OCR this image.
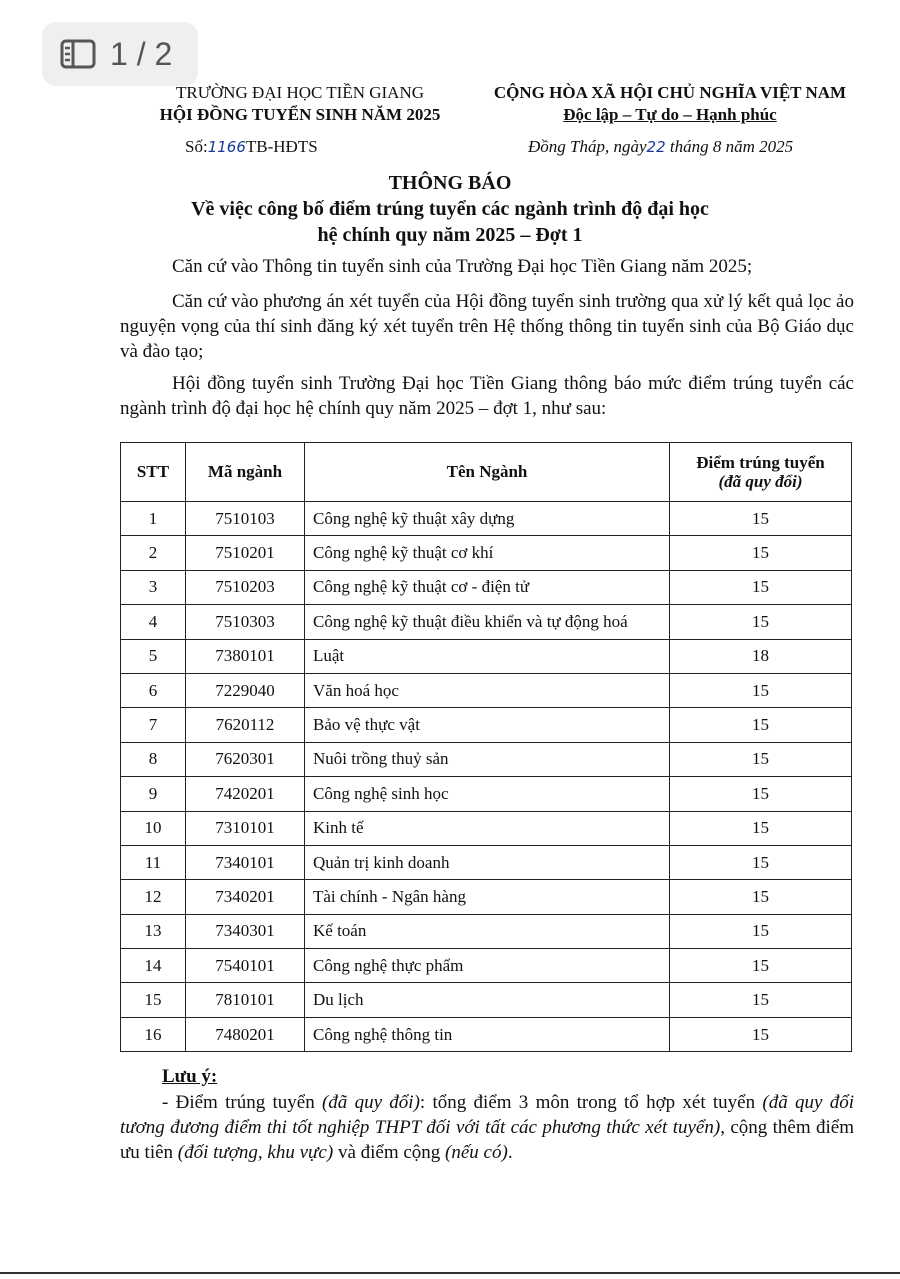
1 / 2
TRƯỜNG ĐẠI HỌC TIỀN GIANG
HỘI ĐỒNG TUYỂN SINH NĂM 2025
CỘNG HÒA XÃ HỘI CHỦ NGHĨA VIỆT NAM
Độc lập – Tự do – Hạnh phúc
Số:1166TB-HĐTS	Đồng Tháp, ngày22 tháng 8 năm 2025
THÔNG BÁO
Về việc công bố điểm trúng tuyển các ngành trình độ đại học
hệ chính quy năm 2025 – Đợt 1
Căn cứ vào Thông tin tuyển sinh của Trường Đại học Tiền Giang năm 2025;
Căn cứ vào phương án xét tuyển của Hội đồng tuyển sinh trường qua xử lý kết quả lọc ảo nguyện vọng của thí sinh đăng ký xét tuyển trên Hệ thống thông tin tuyển sinh của Bộ Giáo dục và đào tạo;
Hội đồng tuyển sinh Trường Đại học Tiền Giang thông báo mức điểm trúng tuyển các ngành trình độ đại học hệ chính quy năm 2025 – đợt 1, như sau:
STT	Mã ngành	Tên Ngành	Điểm trúng tuyển
(đã quy đổi)

1	7510103	Công nghệ kỹ thuật xây dựng	15
2	7510201	Công nghệ kỹ thuật cơ khí	15
3	7510203	Công nghệ kỹ thuật cơ - điện tử	15
4	7510303	Công nghệ kỹ thuật điều khiển và tự động hoá	15
5	7380101	Luật	18
6	7229040	Văn hoá học	15
7	7620112	Bảo vệ thực vật	15
8	7620301	Nuôi trồng thuỷ sản	15
9	7420201	Công nghệ sinh học	15
10	7310101	Kinh tế	15
11	7340101	Quản trị kinh doanh	15
12	7340201	Tài chính - Ngân hàng	15
13	7340301	Kế toán	15
14	7540101	Công nghệ thực phẩm	15
15	7810101	Du lịch	15
16	7480201	Công nghệ thông tin	15
Lưu ý:
- Điểm trúng tuyển (đã quy đổi): tổng điểm 3 môn trong tổ hợp xét tuyển (đã quy đổi tương đương điểm thi tốt nghiệp THPT đối với tất các phương thức xét tuyển), cộng thêm điểm ưu tiên (đối tượng, khu vực) và điểm cộng (nếu có).
